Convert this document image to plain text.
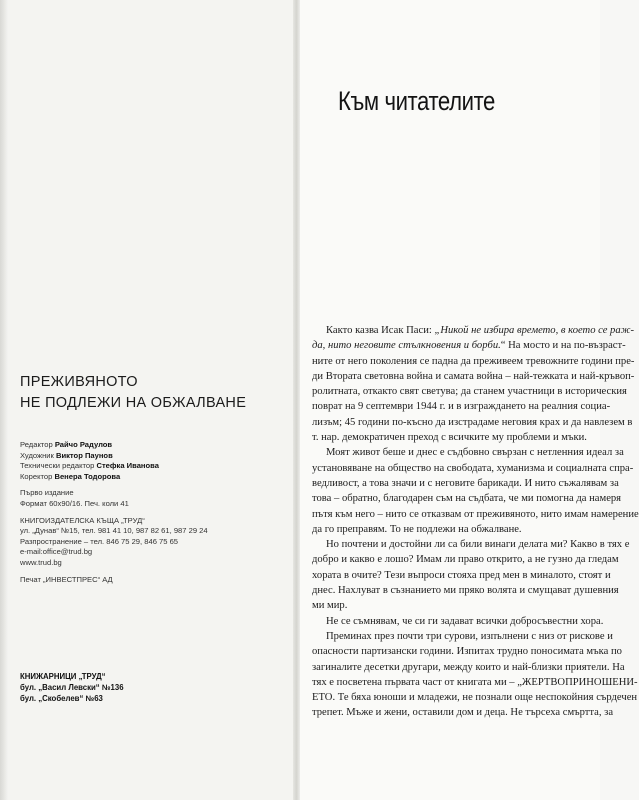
ПРЕЖИВЯНОТО
НЕ ПОДЛЕЖИ НА ОБЖАЛВАНЕ
Редактор Райчо Радулов
Художник Виктор Паунов
Технически редактор Стефка Иванова
Коректор Венера Тодорова
Първо издание
Формат 60х90/16. Печ. коли 41
КНИГОИЗДАТЕЛСКА КЪЩА „ТРУД“
ул. „Дунав“ №15, тел. 981 41 10, 987 82 61, 987 29 24
Разпространение – тел. 846 75 29, 846 75 65
e-mail:office@trud.bg
www.trud.bg
Печат „ИНВЕСТПРЕС“ АД
КНИЖАРНИЦИ „ТРУД“
бул. „Васил Левски“ №136
бул. „Скобелев“ №63
Към читателите
Както казва Исак Паси: „Никой не избира времето, в което се раж-
да, нито неговите стълкновения и борби.“ На мосто и на по-възраст-
ните от него поколения се падна да преживеем тревожните години пре-
ди Втората световна война и самата война – най-тежката и най-кръвоп-
ролитната, откакто свят светува; да станем участници в историческия
поврат на 9 септември 1944 г. и в изграждането на реалния социа-
лизъм; 45 години по-късно да изстрадаме неговия крах и да навлезем в
т. нар. демократичен преход с всичките му проблеми и мъки.
Моят живот беше и днес е съдбовно свързан с нетленния идеал за
установяване на общество на свободата, хуманизма и социалната спра-
ведливост, а това значи и с неговите барикади. И нито съжалявам за
това – обратно, благодарен съм на съдбата, че ми помогна да намеря
пътя към него – нито се отказвам от преживяното, нито имам намерение
да го преправям. То не подлежи на обжалване.
Но почтени и достойни ли са били винаги делата ми? Какво в тях е
добро и какво е лошо? Имам ли право открито, а не гузно да гледам
хората в очите? Тези въпроси стояха пред мен в миналото, стоят и
днес. Нахлуват в съзнанието ми пряко волята и смущават душевния
ми мир.
Не се съмнявам, че си ги задават всички добросъвестни хора.
Преминах през почти три сурови, изпълнени с низ от рискове и
опасности партизански години. Изпитах трудно поносимата мъка по
загиналите десетки другари, между които и най-близки приятели. На
тях е посветена първата част от книгата ми – „ЖЕРТВОПРИНОШЕНИ-
ЕТО. Те бяха юноши и младежи, не познали още неспокойния сърдечен
трепет. Мъже и жени, оставили дом и деца. Не търсеха смъртта, за
